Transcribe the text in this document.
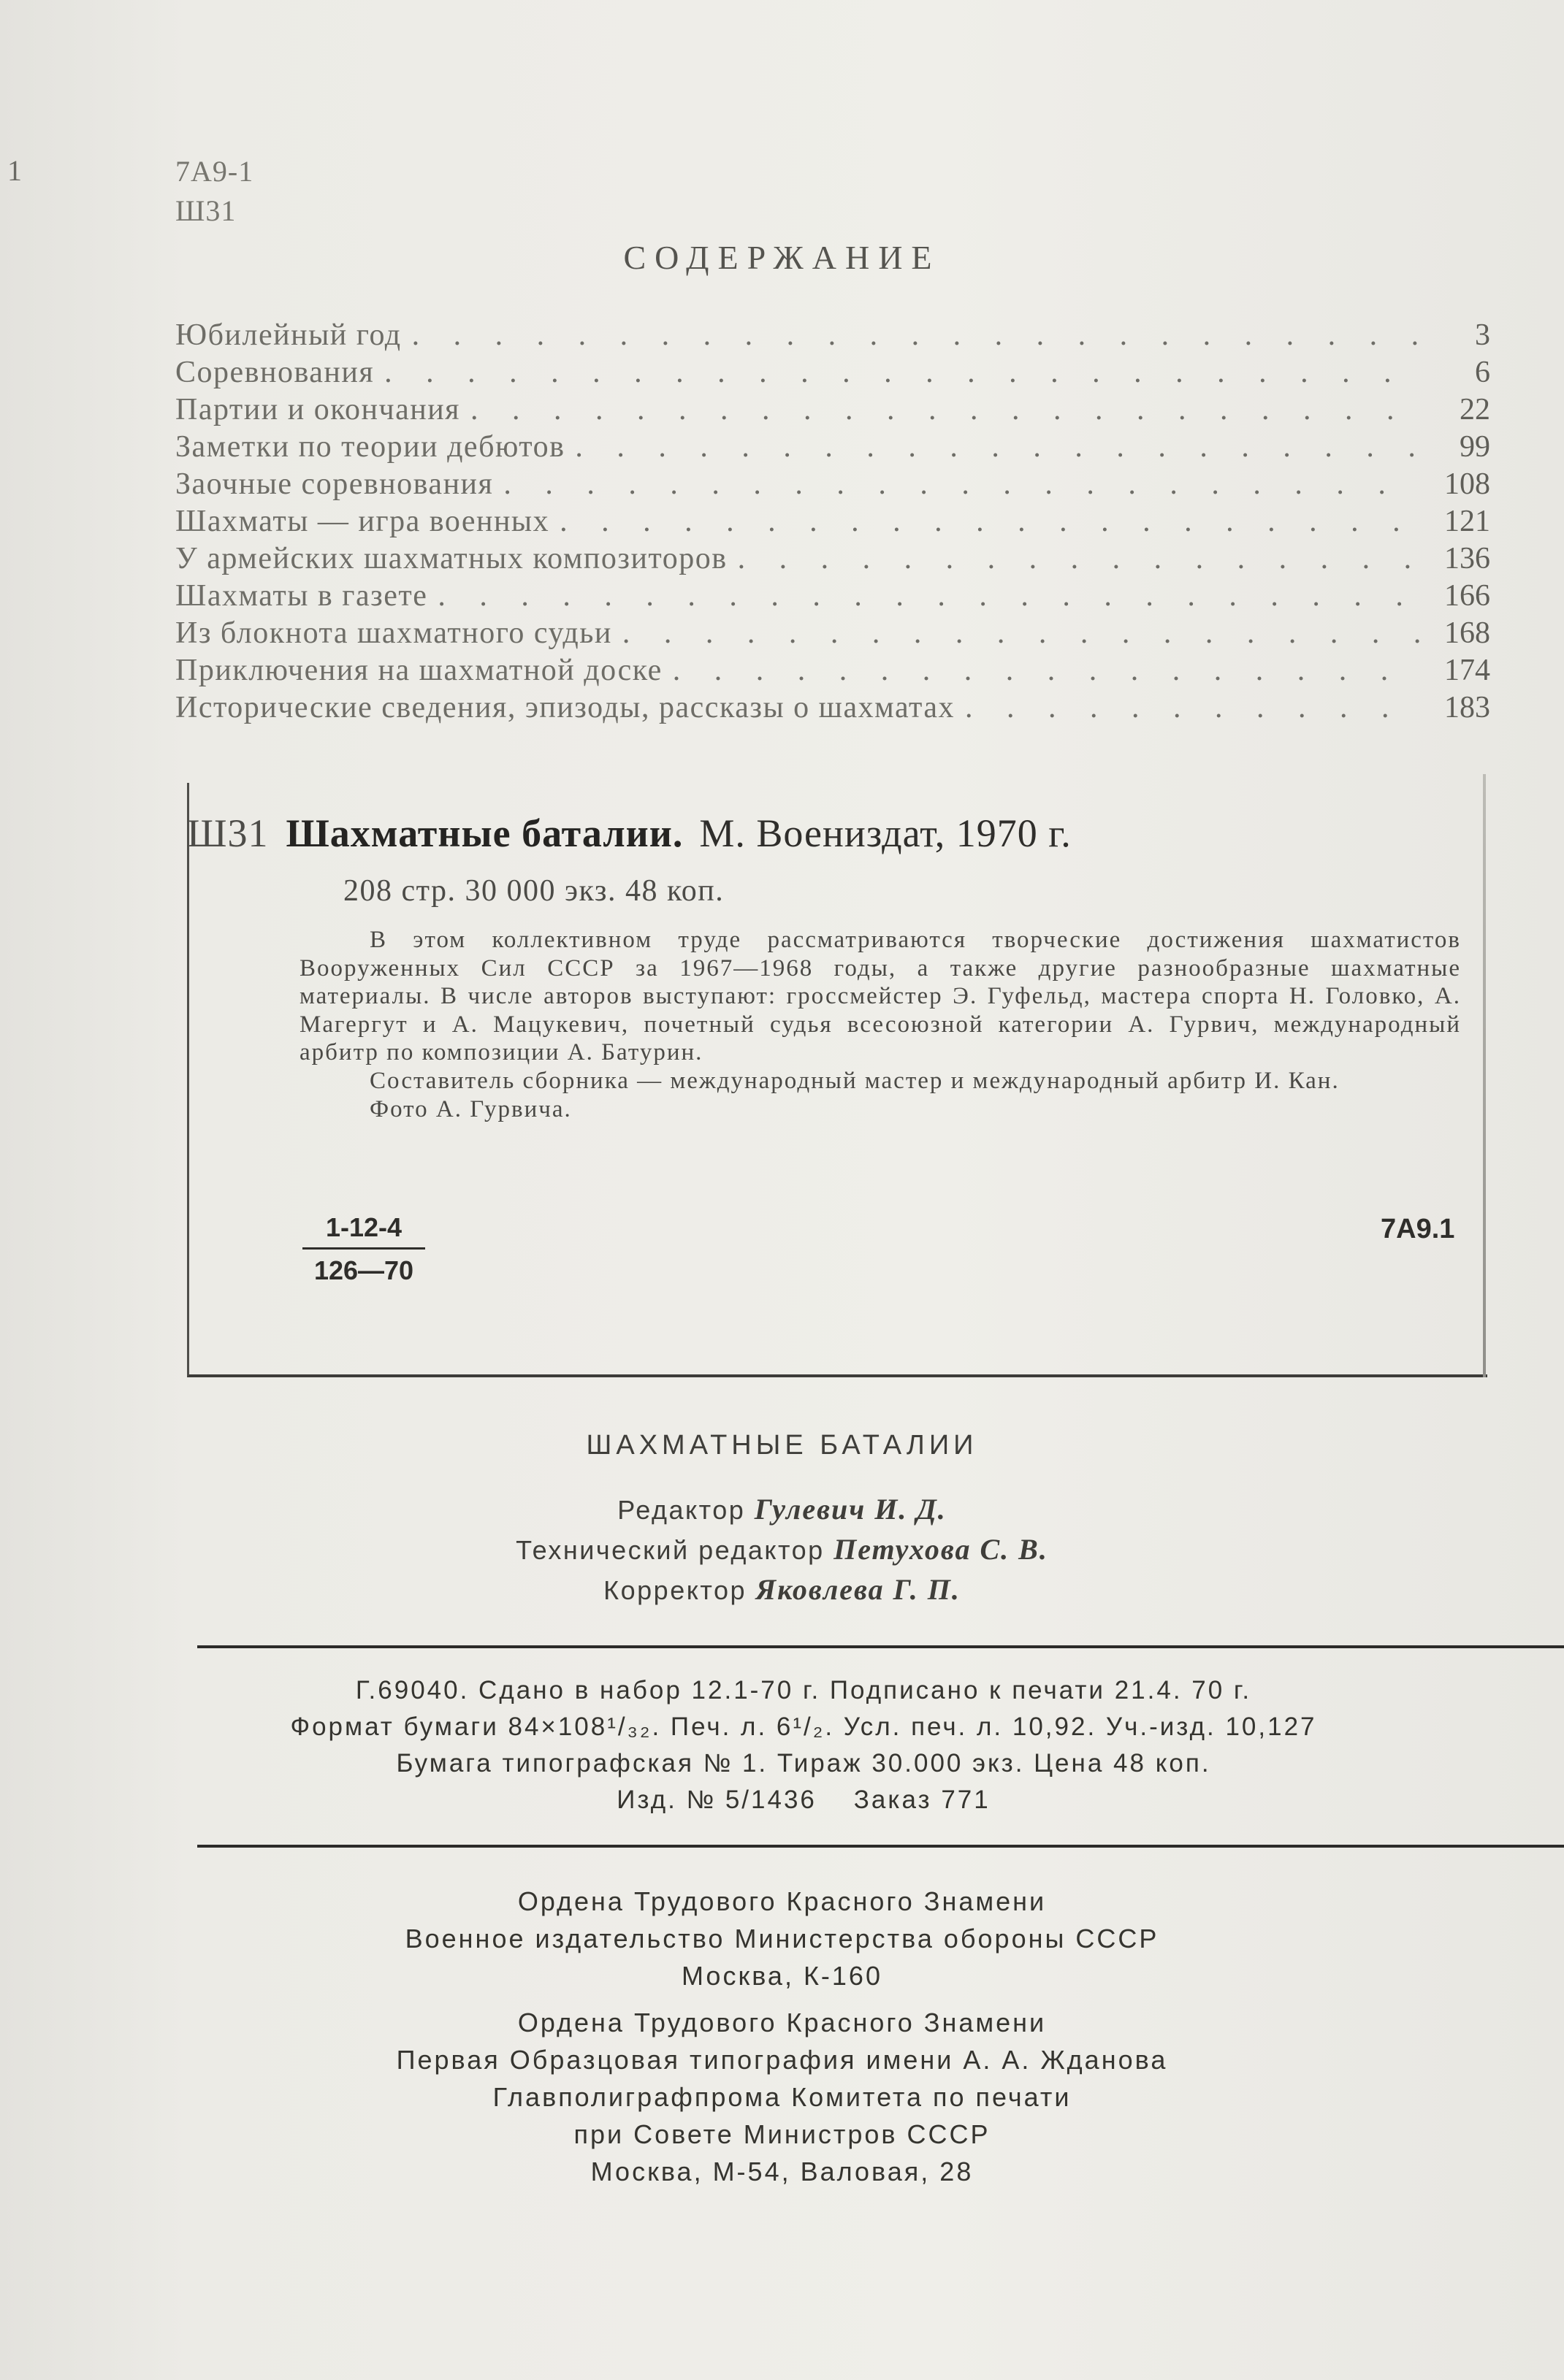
1	7А9-1
Ш31
СОДЕРЖАНИЕ
Юбилейный год . . .	3
Соревнования . . .	6
Партии и окончания . . .	22
Заметки по теории дебютов . . .	99
Заочные соревнования . . .	108
Шахматы — игра военных . . .	121
У армейских шахматных композиторов . . .	136
Шахматы в газете . . .	166
Из блокнота шахматного судьи . . .	168
Приключения на шахматной доске . . .	174
Исторические сведения, эпизоды, рассказы о шахматах . . .	183
Ш31 Шахматные баталии. М. Воениздат, 1970 г.
208 стр. 30 000 экз. 48 коп.

В этом коллективном труде рассматриваются творческие достижения шахматистов Вооруженных Сил СССР за 1967—1968 годы, а также другие разнообразные шахматные материалы. В числе авторов выступают: гроссмейстер Э. Гуфельд, мастера спорта Н. Головко, А. Магергут и А. Мацукевич, почетный судья всесоюзной категории А. Гурвич, международный арбитр по композиции А. Батурин.

Составитель сборника — международный мастер и международный арбитр И. Кан.

Фото А. Гурвича.

$\frac{1-12-4}{126—70}$	7А9.1
ШАХМАТНЫЕ БАТАЛИИ
Редактор Гулевич И. Д.
Технический редактор Петухова С. В.
Корректор Яковлева Г. П.
Г.69040. Сдано в набор 12.1-70 г. Подписано к печати 21.4. 70 г.
Формат бумаги 84×108¹/₃₂. Печ. л. 6¹/₂. Усл. печ. л. 10,92. Уч.-изд. 10,127
Бумага типографская № 1. Тираж 30.000 экз. Цена 48 коп.
Изд. № 5/1436    Заказ 771
Ордена Трудового Красного Знамени
Военное издательство Министерства обороны СССР
Москва, К-160
Ордена Трудового Красного Знамени
Первая Образцовая типография имени А. А. Жданова
Главполиграфпрома Комитета по печати
при Совете Министров СССР
Москва, М-54, Валовая, 28
